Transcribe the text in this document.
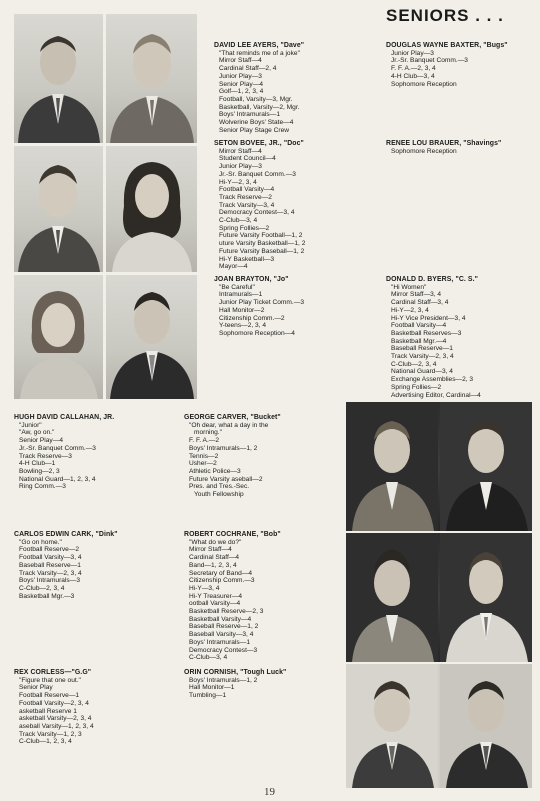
SENIORS . . .
DAVID LEE AYERS, "Dave"
"That reminds me of a joke"
Mirror Staff—4
Cardinal Staff—2, 4
Junior Play—3
Senior Play—4
Golf—1, 2, 3, 4
Football, Varsity—3, Mgr.
Basketball, Varsity—2, Mgr.
Boys' Intramurals—1
Wolverine Boys' State—4
Senior Play Stage Crew
DOUGLAS WAYNE BAXTER, "Bugs"
Junior Play—3
Jr.-Sr. Banquet Comm.—3
F. F. A.—2, 3, 4
4-H Club—3, 4
Sophomore Reception
SETON BOVEE, JR., "Doc"
Mirror Staff—4
Student Council—4
Junior Play—3
Jr.-Sr. Banquet Comm.—3
Hi-Y—2, 3, 4
Football Varsity—4
Track Reserve—2
Track Varsity—3, 4
Democracy Contest—3, 4
C-Club—3, 4
Spring Follies—2
Future Varsity Football—1, 2
uture Varsity Basketball—1, 2
Future Varsity Baseball—1, 2
Hi-Y Basketball—3
Mayor—4
RENEE LOU BRAUER, "Shavings"
Sophomore Reception
JOAN BRAYTON, "Jo"
"Be Careful"
Intramurals—1
Junior Play Ticket Comm.—3
Hall Monitor—2
Citizenship Comm.—2
Y-teens—2, 3, 4
Sophomore Reception—4
DONALD D. BYERS, "C. S."
"Hi Women"
Mirror Staff—3, 4
Cardinal Staff—3, 4
Hi-Y—2, 3, 4
Hi-Y Vice President—3, 4
Football Varsity—4
Basketball Reserves—3
Basketball Mgr.—4
Baseball Reserve—1
Track Varsity—2, 3, 4
C-Club—2, 3, 4
National Guard—3, 4
Exchange Assemblies—2, 3
Spring Follies—2
Advertising Editor, Cardinal—4
HUGH DAVID CALLAHAN, JR.
"Junior"
"Aw, go on."
Senior Play—4
Jr.-Sr. Banquet Comm.—3
Track Reserve—3
4-H Club—1
Bowling—2, 3
National Guard—1, 2, 3, 4
Ring Comm.—3
GEORGE CARVER, "Bucket"
"Oh dear, what a day in the
morning."
F. F. A.—2
Boys' Intramurals—1, 2
Tennis—2
Usher—2
Athletic Police—3
Future Varsity aseball—2
Pres. and Tres.-Sec.
Youth Fellowship
CARLOS EDWIN CARK, "Dink"
"Go on home."
Football Reserve—2
Football Varsity—3, 4
Baseball Reserve—1
Track Varsity—2, 3, 4
Boys' Intramurals—3
C-Club—2, 3, 4
Basketball Mgr.—3
ROBERT COCHRANE, "Bob"
"What do we do?"
Mirror Staff—4
Cardinal Staff—4
Band—1, 2, 3, 4
Secretary of Band—4
Citizenship Comm.—3
Hi-Y—3, 4
Hi-Y Treasurer—4
ootball Varsity—4
Basketball Reserve—2, 3
Basketball Varsity—4
Baseball Reserve—1, 2
Baseball Varsity—3, 4
Boys' Intramurals—1
Democracy Contest—3
C-Club—3, 4
REX CORLESS—"G.G"
"Figure that one out."
Senior Play
Football Reserve—1
Football Varsity—2, 3, 4
asketball Reserve 1
asketball Varsity—2, 3, 4
aseball Varsity—1, 2, 3, 4
Track Varsity—1, 2, 3
C-Club—1, 2, 3, 4
ORIN CORNISH, "Tough Luck"
Boys' Intramurals—1, 2
Hall Monitor—1
Tumbling—1
19
